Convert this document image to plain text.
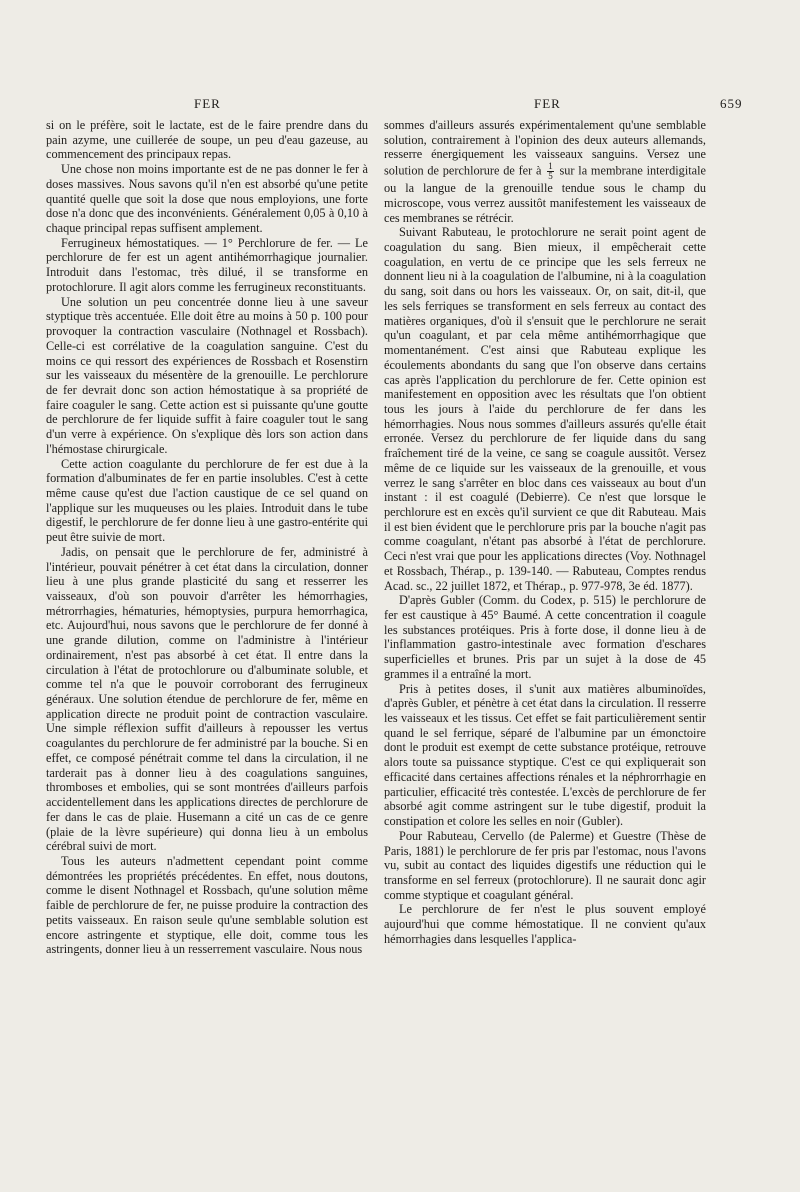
FER	FER	659

si on le préfère, soit le lactate, est de le faire prendre dans du pain azyme, une cuillerée de soupe, un peu d'eau gazeuse, au commencement des principaux repas.

Une chose non moins importante est de ne pas donner le fer à doses massives. Nous savons qu'il n'en est absorbé qu'une petite quantité quelle que soit la dose que nous employions, une forte dose n'a donc que des inconvénients. Généralement 0,05 à 0,10 à chaque principal repas suffisent amplement.

Ferrugineux hémostatiques. — 1° Perchlorure de fer. — Le perchlorure de fer est un agent antihémorrhagique journalier. Introduit dans l'estomac, très dilué, il se transforme en protochlorure. Il agit alors comme les ferrugineux reconstituants.

Une solution un peu concentrée donne lieu à une saveur styptique très accentuée. Elle doit être au moins à 50 p. 100 pour provoquer la contraction vasculaire (Nothnagel et Rossbach). Celle-ci est corrélative de la coagulation sanguine. C'est du moins ce qui ressort des expériences de Rossbach et Rosenstirn sur les vaisseaux du mésentère de la grenouille. Le perchlorure de fer devrait donc son action hémostatique à sa propriété de faire coaguler le sang. Cette action est si puissante qu'une goutte de perchlorure de fer liquide suffit à faire coaguler tout le sang d'un verre à expérience. On s'explique dès lors son action dans l'hémostase chirurgicale.

Cette action coagulante du perchlorure de fer est due à la formation d'albuminates de fer en partie insolubles. C'est à cette même cause qu'est due l'action caustique de ce sel quand on l'applique sur les muqueuses ou les plaies. Introduit dans le tube digestif, le perchlorure de fer donne lieu à une gastro-entérite qui peut être suivie de mort.

Jadis, on pensait que le perchlorure de fer, administré à l'intérieur, pouvait pénétrer à cet état dans la circulation, donner lieu à une plus grande plasticité du sang et resserrer les vaisseaux, d'où son pouvoir d'arrêter les hémorrhagies, métrorrhagies, hématuries, hémoptysies, purpura hemorrhagica, etc. Aujourd'hui, nous savons que le perchlorure de fer donné à une grande dilution, comme on l'administre à l'intérieur ordinairement, n'est pas absorbé à cet état. Il entre dans la circulation à l'état de protochlorure ou d'albuminate soluble, et comme tel n'a que le pouvoir corroborant des ferrugineux généraux. Une solution étendue de perchlorure de fer, même en application directe ne produit point de contraction vasculaire. Une simple réflexion suffit d'ailleurs à repousser les vertus coagulantes du perchlorure de fer administré par la bouche. Si en effet, ce composé pénétrait comme tel dans la circulation, il ne tarderait pas à donner lieu à des coagulations sanguines, thromboses et embolies, qui se sont montrées d'ailleurs parfois accidentellement dans les applications directes de perchlorure de fer dans le cas de plaie. Husemann a cité un cas de ce genre (plaie de la lèvre supérieure) qui donna lieu à un embolus cérébral suivi de mort.

Tous les auteurs n'admettent cependant point comme démontrées les propriétés précédentes. En effet, nous doutons, comme le disent Nothnagel et Rossbach, qu'une solution même faible de perchlorure de fer, ne puisse produire la contraction des petits vaisseaux. En raison seule qu'une semblable solution est encore astringente et styptique, elle doit, comme tous les astringents, donner lieu à un resserrement vasculaire. Nous nous

sommes d'ailleurs assurés expérimentalement qu'une semblable solution, contrairement à l'opinion des deux auteurs allemands, resserre énergiquement les vaisseaux sanguins. Versez une solution de perchlorure de fer à $\frac{1}{5}$ sur la membrane interdigitale ou la langue de la grenouille tendue sous le champ du microscope, vous verrez aussitôt manifestement les vaisseaux de ces membranes se rétrécir.

Suivant Rabuteau, le protochlorure ne serait point agent de coagulation du sang. Bien mieux, il empêcherait cette coagulation, en vertu de ce principe que les sels ferreux ne donnent lieu ni à la coagulation de l'albumine, ni à la coagulation du sang, soit dans ou hors les vaisseaux. Or, on sait, dit-il, que les sels ferriques se transforment en sels ferreux au contact des matières organiques, d'où il s'ensuit que le perchlorure ne serait qu'un coagulant, et par cela même antihémorrhagique que momentanément. C'est ainsi que Rabuteau explique les écoulements abondants du sang que l'on observe dans certains cas après l'application du perchlorure de fer. Cette opinion est manifestement en opposition avec les résultats que l'on obtient tous les jours à l'aide du perchlorure de fer dans les hémorrhagies. Nous nous sommes d'ailleurs assurés qu'elle était erronée. Versez du perchlorure de fer liquide dans du sang fraîchement tiré de la veine, ce sang se coagule aussitôt. Versez même de ce liquide sur les vaisseaux de la grenouille, et vous verrez le sang s'arrêter en bloc dans ces vaisseaux au bout d'un instant : il est coagulé (Debierre). Ce n'est que lorsque le perchlorure est en excès qu'il survient ce que dit Rabuteau. Mais il est bien évident que le perchlorure pris par la bouche n'agit pas comme coagulant, n'étant pas absorbé à l'état de perchlorure. Ceci n'est vrai que pour les applications directes (Voy. Nothnagel et Rossbach, Thérap., p. 139-140. — Rabuteau, Comptes rendus Acad. sc., 22 juillet 1872, et Thérap., p. 977-978, 3e éd. 1877).

D'après Gubler (Comm. du Codex, p. 515) le perchlorure de fer est caustique à 45° Baumé. A cette concentration il coagule les substances protéiques. Pris à forte dose, il donne lieu à de l'inflammation gastro-intestinale avec formation d'eschares superficielles et brunes. Pris par un sujet à la dose de 45 grammes il a entraîné la mort.

Pris à petites doses, il s'unit aux matières albuminoïdes, d'après Gubler, et pénètre à cet état dans la circulation. Il resserre les vaisseaux et les tissus. Cet effet se fait particulièrement sentir quand le sel ferrique, séparé de l'albumine par un émonctoire dont le produit est exempt de cette substance protéique, retrouve alors toute sa puissance styptique. C'est ce qui expliquerait son efficacité dans certaines affections rénales et la néphrorrhagie en particulier, efficacité très contestée. L'excès de perchlorure de fer absorbé agit comme astringent sur le tube digestif, produit la constipation et colore les selles en noir (Gubler).

Pour Rabuteau, Cervello (de Palerme) et Guestre (Thèse de Paris, 1881) le perchlorure de fer pris par l'estomac, nous l'avons vu, subit au contact des liquides digestifs une réduction qui le transforme en sel ferreux (protochlorure). Il ne saurait donc agir comme styptique et coagulant général.

Le perchlorure de fer n'est le plus souvent employé aujourd'hui que comme hémostatique. Il ne convient qu'aux hémorrhagies dans lesquelles l'applica-
